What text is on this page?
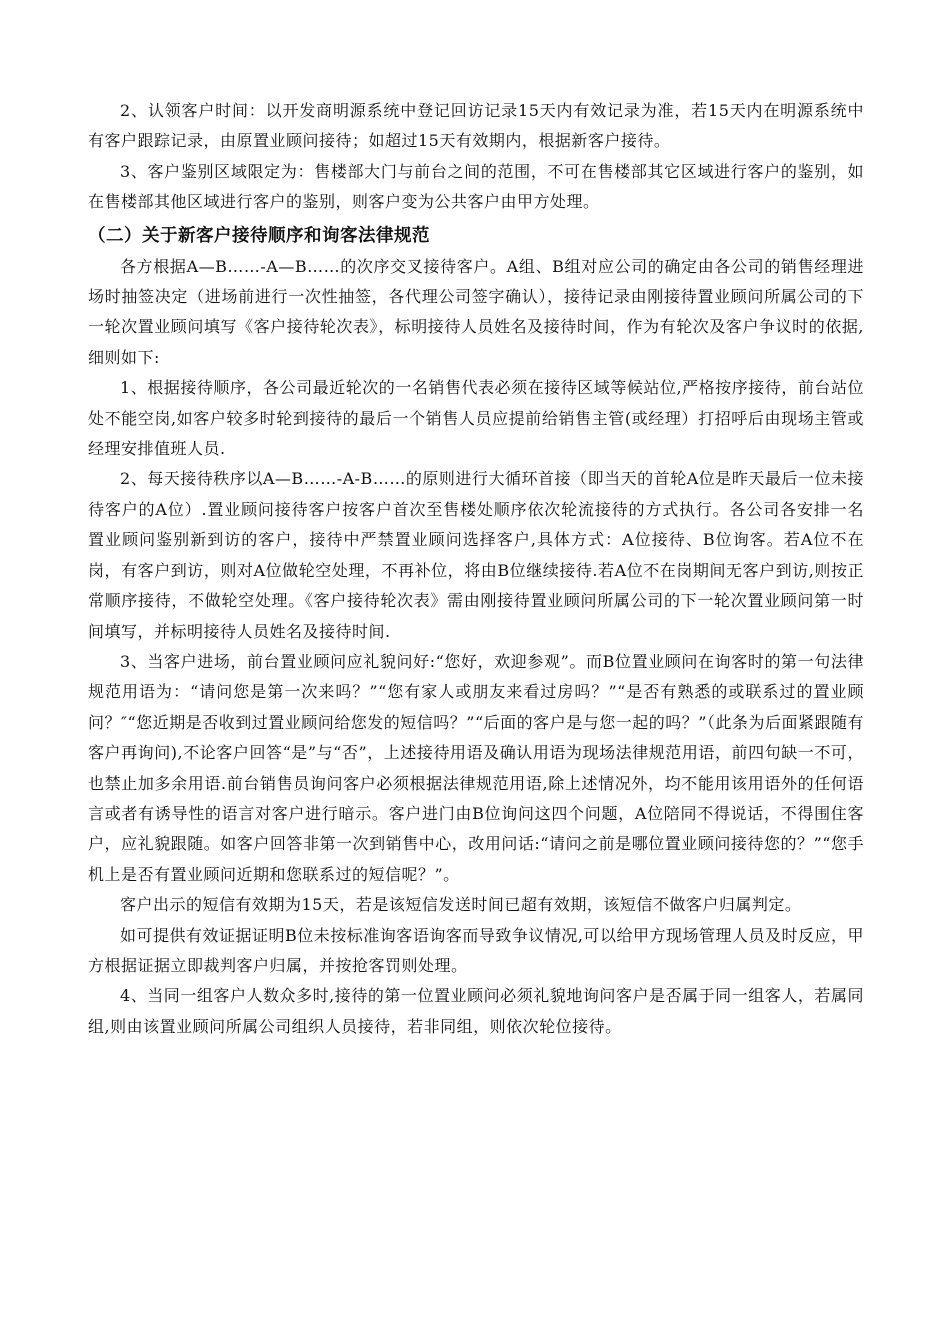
2、认领客户时间：以开发商明源系统中登记回访记录15天内有效记录为准，若15天内在明源系统中有客户跟踪记录，由原置业顾问接待；如超过15天有效期内，根据新客户接待。

3、客户鉴别区域限定为：售楼部大门与前台之间的范围，不可在售楼部其它区域进行客户的鉴别，如在售楼部其他区域进行客户的鉴别，则客户变为公共客户由甲方处理。

（二）关于新客户接待顺序和询客法律规范

各方根据A—B……-A—B……的次序交叉接待客户。A组、B组对应公司的确定由各公司的销售经理进场时抽签决定（进场前进行一次性抽签，各代理公司签字确认），接待记录由刚接待置业顾问所属公司的下一轮次置业顾问填写《客户接待轮次表》，标明接待人员姓名及接待时间，作为有轮次及客户争议时的依据,细则如下:

1、根据接待顺序，各公司最近轮次的一名销售代表必须在接待区域等候站位,严格按序接待，前台站位处不能空岗,如客户较多时轮到接待的最后一个销售人员应提前给销售主管(或经理）打招呼后由现场主管或经理安排值班人员.

2、每天接待秩序以A—B……-A-B……的原则进行大循环首接（即当天的首轮A位是昨天最后一位未接待客户的A位）.置业顾问接待客户按客户首次至售楼处顺序依次轮流接待的方式执行。各公司各安排一名置业顾问鉴别新到访的客户，接待中严禁置业顾问选择客户,具体方式：A位接待、B位询客。若A位不在岗，有客户到访，则对A位做轮空处理，不再补位，将由B位继续接待.若A位不在岗期间无客户到访,则按正常顺序接待，不做轮空处理。《客户接待轮次表》需由刚接待置业顾问所属公司的下一轮次置业顾问第一时间填写，并标明接待人员姓名及接待时间.

3、当客户进场，前台置业顾问应礼貌问好:“您好，欢迎参观”。而B位置业顾问在询客时的第一句法律规范用语为：“请问您是第一次来吗？”“您有家人或朋友来看过房吗？”“是否有熟悉的或联系过的置业顾问？″“您近期是否收到过置业顾问给您发的短信吗？”“后面的客户是与您一起的吗？”（此条为后面紧跟随有客户再询问),不论客户回答“是”与“否”，上述接待用语及确认用语为现场法律规范用语，前四句缺一不可，也禁止加多余用语.前台销售员询问客户必须根据法律规范用语,除上述情况外，均不能用该用语外的任何语言或者有诱导性的语言对客户进行暗示。客户进门由B位询问这四个问题，A位陪同不得说话，不得围住客户，应礼貌跟随。如客户回答非第一次到销售中心，改用问话:“请问之前是哪位置业顾问接待您的？”“您手机上是否有置业顾问近期和您联系过的短信呢？”。

客户出示的短信有效期为15天，若是该短信发送时间已超有效期，该短信不做客户归属判定。

如可提供有效证据证明B位未按标准询客语询客而导致争议情况,可以给甲方现场管理人员及时反应，甲方根据证据立即裁判客户归属，并按抢客罚则处理。

4、当同一组客户人数众多时,接待的第一位置业顾问必须礼貌地询问客户是否属于同一组客人，若属同组,则由该置业顾问所属公司组织人员接待，若非同组，则依次轮位接待。
